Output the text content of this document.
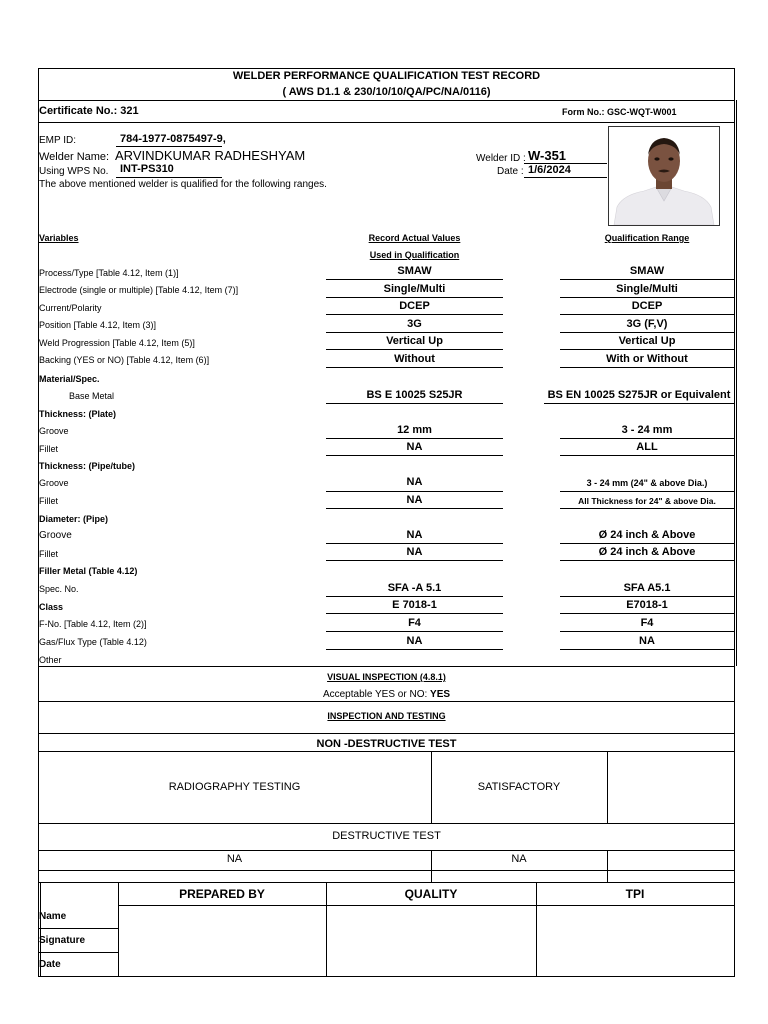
WELDER PERFORMANCE QUALIFICATION TEST RECORD
( AWS D1.1 & 230/10/10/QA/PC/NA/0116)
Certificate No.: 321	Form No.: GSC-WQT-W001
EMP ID:	784-1977-0875497-9,
Welder Name: ARVINDKUMAR RADHESHYAM
Using WPS No. INT-PS310
The above mentioned welder is qualified for the following ranges.
Welder ID : W-351
Date : 1/6/2024
Variables	Record Actual Values
Used in Qualification
Qualification Range
Process/Type [Table 4.12, Item (1)]	SMAW	SMAW
Electrode (single or multiple) [Table 4.12, Item (7)]	Single/Multi	Single/Multi
Current/Polarity	DCEP	DCEP
Position [Table 4.12, Item (3)]	3G	3G (F,V)
Weld Progression [Table 4.12, Item (5)]	Vertical Up	Vertical Up
Backing (YES or NO) [Table 4.12, Item (6)]	Without	With or Without
Material/Spec.
Base Metal	BS E 10025 S25JR	BS EN 10025 S275JR or Equivalent
Thickness: (Plate)
Groove	12 mm	3 - 24 mm
Fillet	NA	ALL
Thickness: (Pipe/tube)
Groove	NA	3 - 24 mm (24" & above Dia.)
Fillet	NA	All Thickness for 24" & above Dia.
Diameter: (Pipe)
Groove	NA	Ø 24 inch & Above
Fillet	NA	Ø 24 inch & Above
Filler Metal (Table 4.12)
Spec. No.	SFA -A 5.1	SFA A5.1
Class	E 7018-1	E7018-1
F-No. [Table 4.12, Item (2)]	F4	F4
Gas/Flux Type (Table 4.12)	NA	NA
Other
VISUAL INSPECTION (4.8.1)
Acceptable YES or NO: YES
INSPECTION AND TESTING
NON -DESTRUCTIVE TEST
RADIOGRAPHY TESTING	SATISFACTORY
DESTRUCTIVE TEST
NA	NA
PREPARED BY	QUALITY	TPI
Name
Signature
Date
